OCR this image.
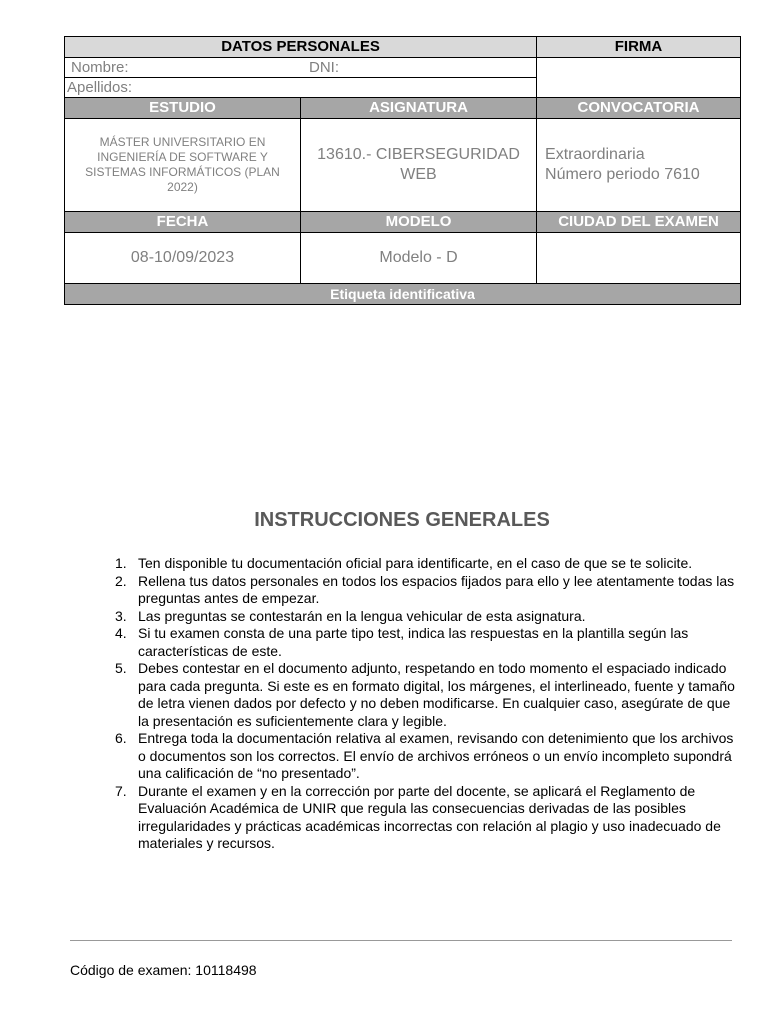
DATOS PERSONALES		FIRMA
Nombre: DNI:		

Apellidos:		
ESTUDIO	ASIGNATURA	CONVOCATORIA
MÁSTER UNIVERSITARIO EN INGENIERÍA DE SOFTWARE Y SISTEMAS INFORMÁTICOS (PLAN 2022)	13610.- CIBERSEGURIDAD WEB	Extraordinaria
Número periodo 7610

FECHA	MODELO	CIUDAD DEL EXAMEN
08-10/09/2023	Modelo - D	
Etiqueta identificativa		
INSTRUCCIONES GENERALES
1. Ten disponible tu documentación oficial para identificarte, en el caso de que se te solicite.
2. Rellena tus datos personales en todos los espacios fijados para ello y lee atentamente todas las preguntas antes de empezar.
3. Las preguntas se contestarán en la lengua vehicular de esta asignatura.
4. Si tu examen consta de una parte tipo test, indica las respuestas en la plantilla según las características de este.
5. Debes contestar en el documento adjunto, respetando en todo momento el espaciado indicado para cada pregunta. Si este es en formato digital, los márgenes, el interlineado, fuente y tamaño de letra vienen dados por defecto y no deben modificarse. En cualquier caso, asegúrate de que la presentación es suficientemente clara y legible.
6. Entrega toda la documentación relativa al examen, revisando con detenimiento que los archivos o documentos son los correctos. El envío de archivos erróneos o un envío incompleto supondrá una calificación de “no presentado”.
7. Durante el examen y en la corrección por parte del docente, se aplicará el Reglamento de Evaluación Académica de UNIR que regula las consecuencias derivadas de las posibles irregularidades y prácticas académicas incorrectas con relación al plagio y uso inadecuado de materiales y recursos.
Código de examen: 10118498
